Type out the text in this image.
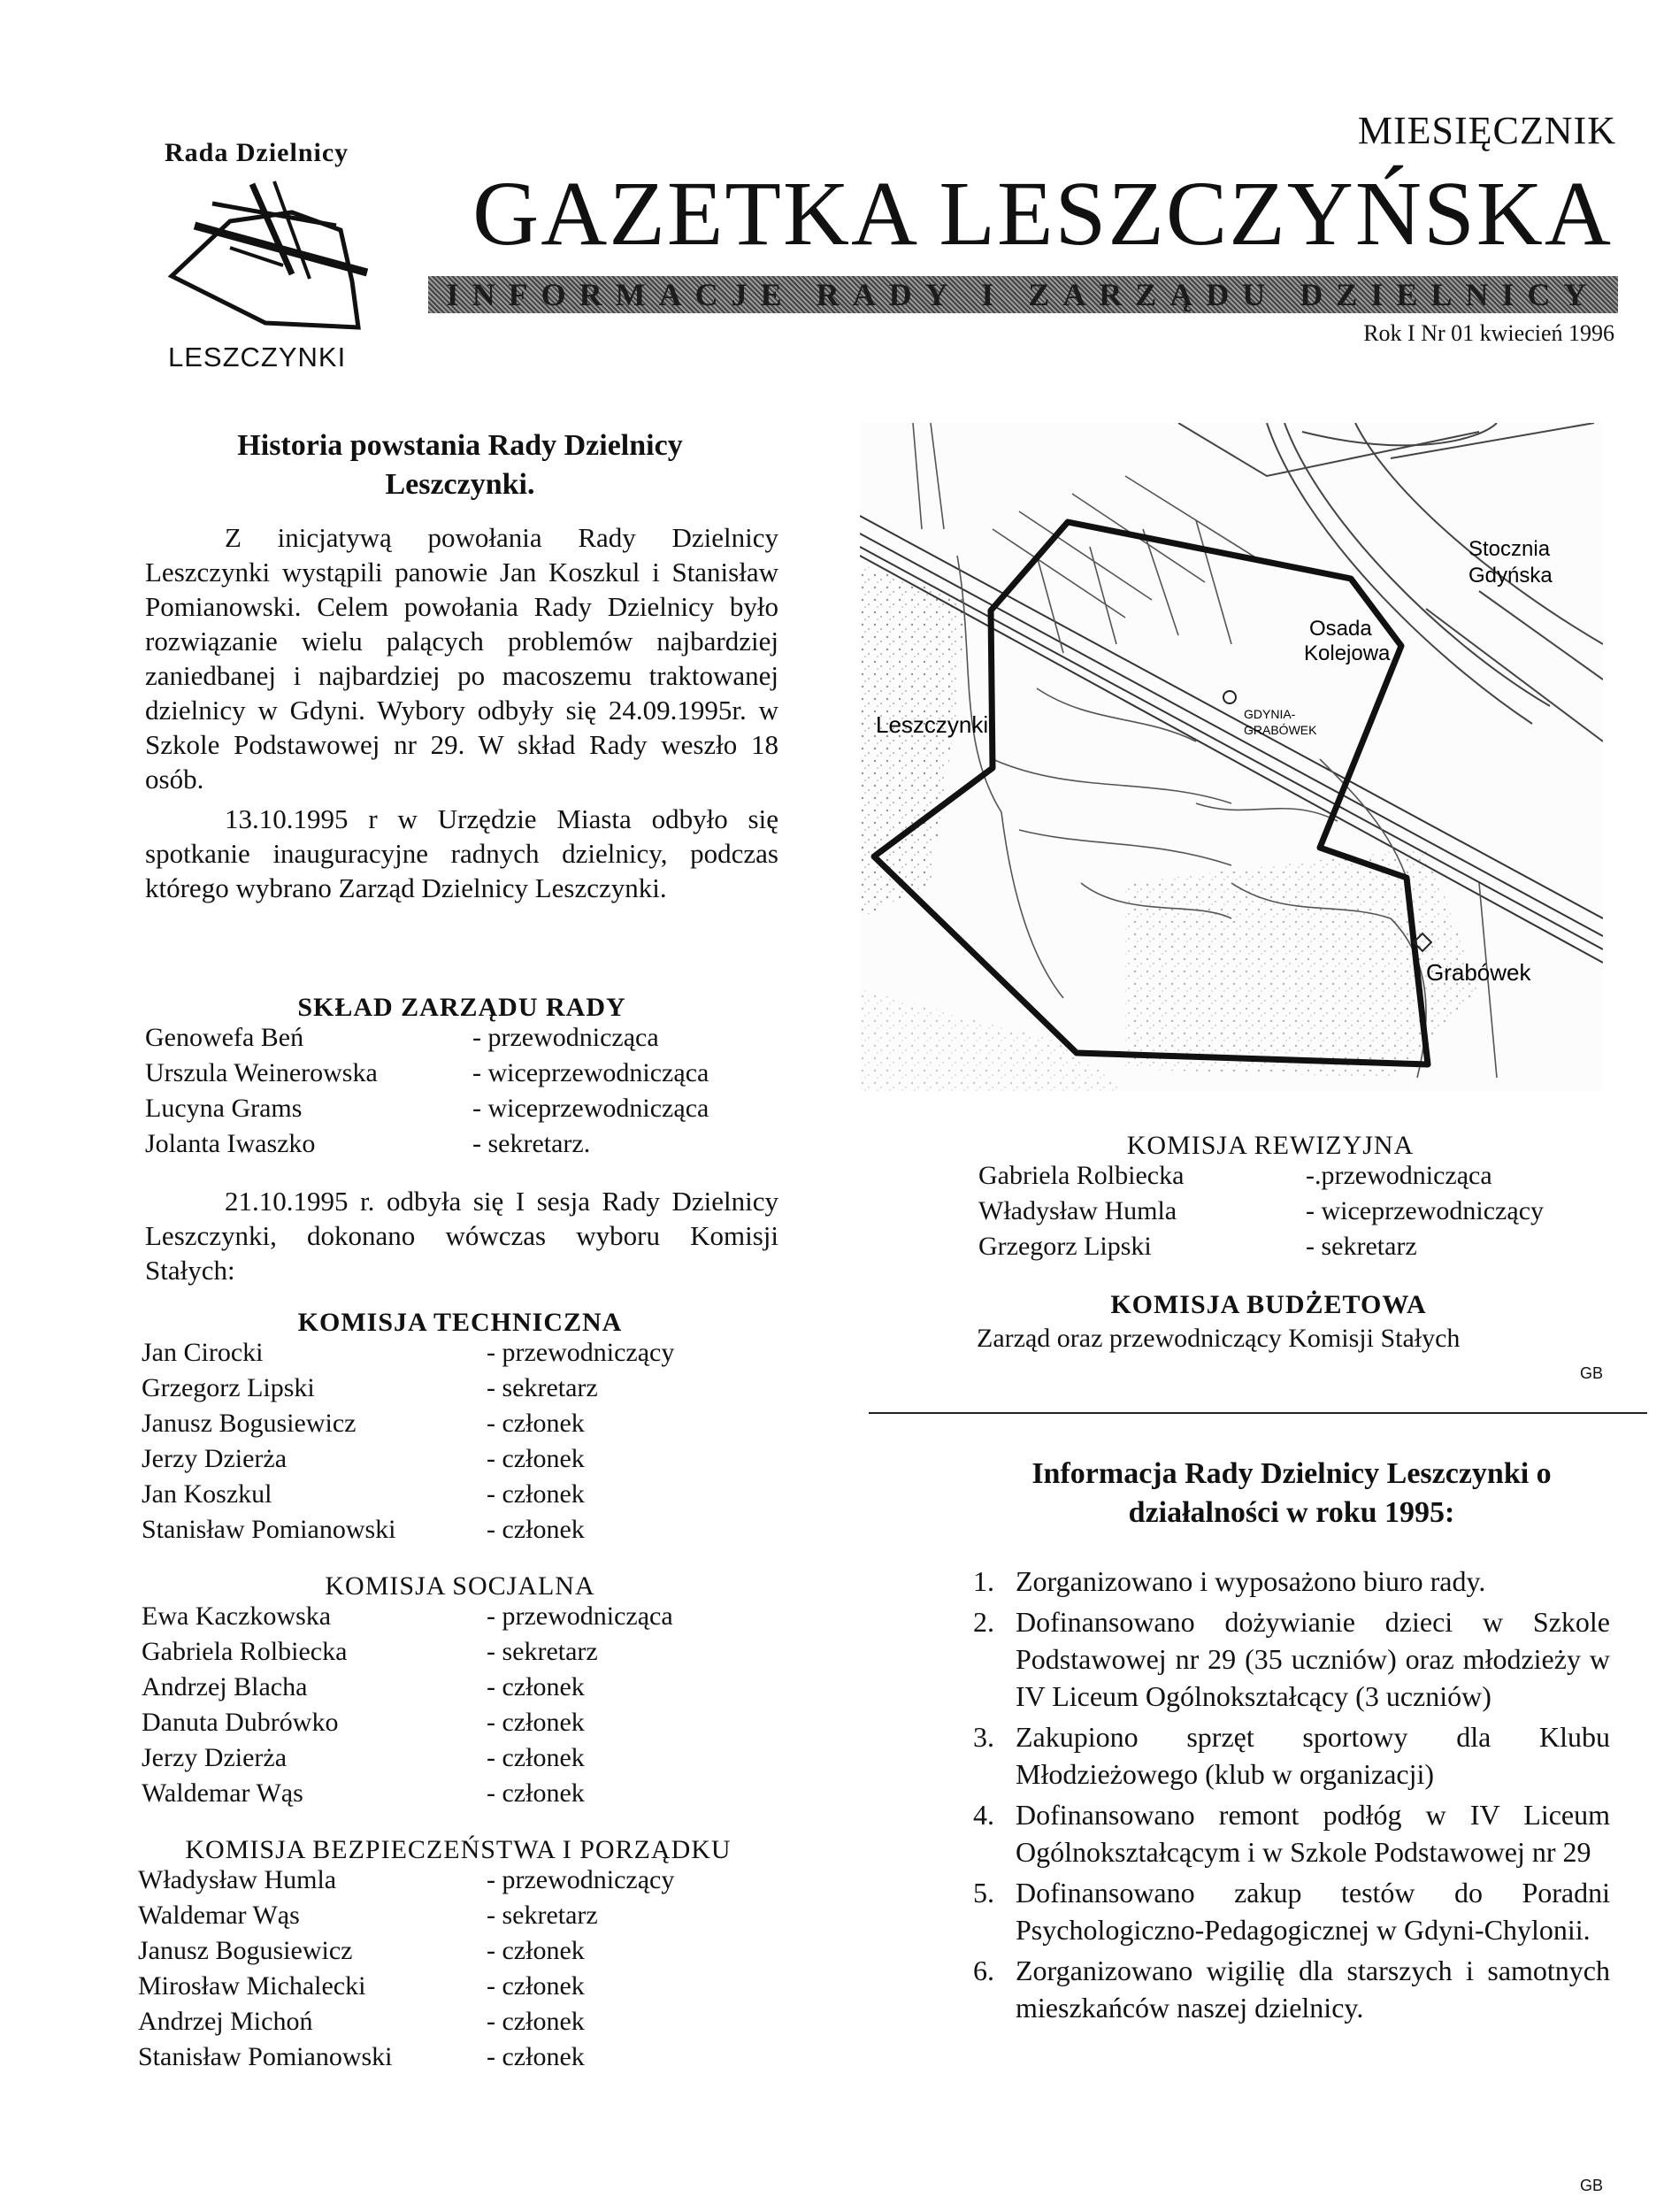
Rada Dzielnicy
LESZCZYNKI
MIESIĘCZNIK
GAZETKA LESZCZYŃSKA
INFORMACJE RADY I ZARZĄDU DZIELNICY
Rok I Nr 01 kwiecień 1996
Historia powstania Rady Dzielnicy
Leszczynki.

Z inicjatywą powołania Rady Dzielnicy Leszczynki wystąpili panowie Jan Koszkul i Stanisław Pomianowski. Celem powołania Rady Dzielnicy było rozwiązanie wielu palących problemów najbardziej zaniedbanej i najbardziej po macoszemu traktowanej dzielnicy w Gdyni. Wybory odbyły się 24.09.1995r. w Szkole Podstawowej nr 29. W skład Rady weszło 18 osób.

13.10.1995 r w Urzędzie Miasta odbyło się spotkanie inauguracyjne radnych dzielnicy, podczas którego wybrano Zarząd Dzielnicy Leszczynki.

SKŁAD ZARZĄDU RADY
Genowefa Beń	- przewodnicząca
Urszula Weinerowska	- wiceprzewodnicząca
Lucyna Grams	- wiceprzewodnicząca
Jolanta Iwaszko	- sekretarz.

21.10.1995 r. odbyła się I sesja Rady Dzielnicy Leszczynki, dokonano wówczas wyboru Komisji Stałych:

KOMISJA TECHNICZNA
Jan Cirocki	- przewodniczący
Grzegorz Lipski	- sekretarz
Janusz Bogusiewicz	- członek
Jerzy Dzierża	- członek
Jan Koszkul	- członek
Stanisław Pomianowski	- członek
KOMISJA SOCJALNA
Ewa Kaczkowska	- przewodnicząca
Gabriela Rolbiecka	- sekretarz
Andrzej Blacha	- członek
Danuta Dubrówko	- członek
Jerzy Dzierża	- członek
Waldemar Wąs	- członek
KOMISJA BEZPIECZEŃSTWA I PORZĄDKU
Władysław Humla	- przewodniczący
Waldemar Wąs	- sekretarz
Janusz Bogusiewicz	- członek
Mirosław Michalecki	- członek
Andrzej Michoń	- członek
Stanisław Pomianowski	- członek
Stocznia
Gdyńska
Osada
Kolejowa
Leszczynki
Grabówek
GDYNIA-
GRABÓWEK
KOMISJA REWIZYJNA
Gabriela Rolbiecka	-.przewodnicząca
Władysław Humla	- wiceprzewodniczący
Grzegorz Lipski	- sekretarz
KOMISJA BUDŻETOWA
Zarząd oraz przewodniczący Komisji Stałych
GB
Informacja Rady Dzielnicy Leszczynki o
działalności w roku 1995:
1. Zorganizowano i wyposażono biuro rady.
2. Dofinansowano dożywianie dzieci w Szkole Podstawowej nr 29 (35 uczniów) oraz młodzieży w IV Liceum Ogólnokształcący (3 uczniów)
3. Zakupiono sprzęt sportowy dla Klubu Młodzieżowego (klub w organizacji)
4. Dofinansowano remont podłóg w IV Liceum Ogólnokształcącym i w Szkole Podstawowej nr 29
5. Dofinansowano zakup testów do Poradni Psychologiczno-Pedagogicznej w Gdyni-Chylonii.
6. Zorganizowano wigilię dla starszych i samotnych mieszkańców naszej dzielnicy.
GB
